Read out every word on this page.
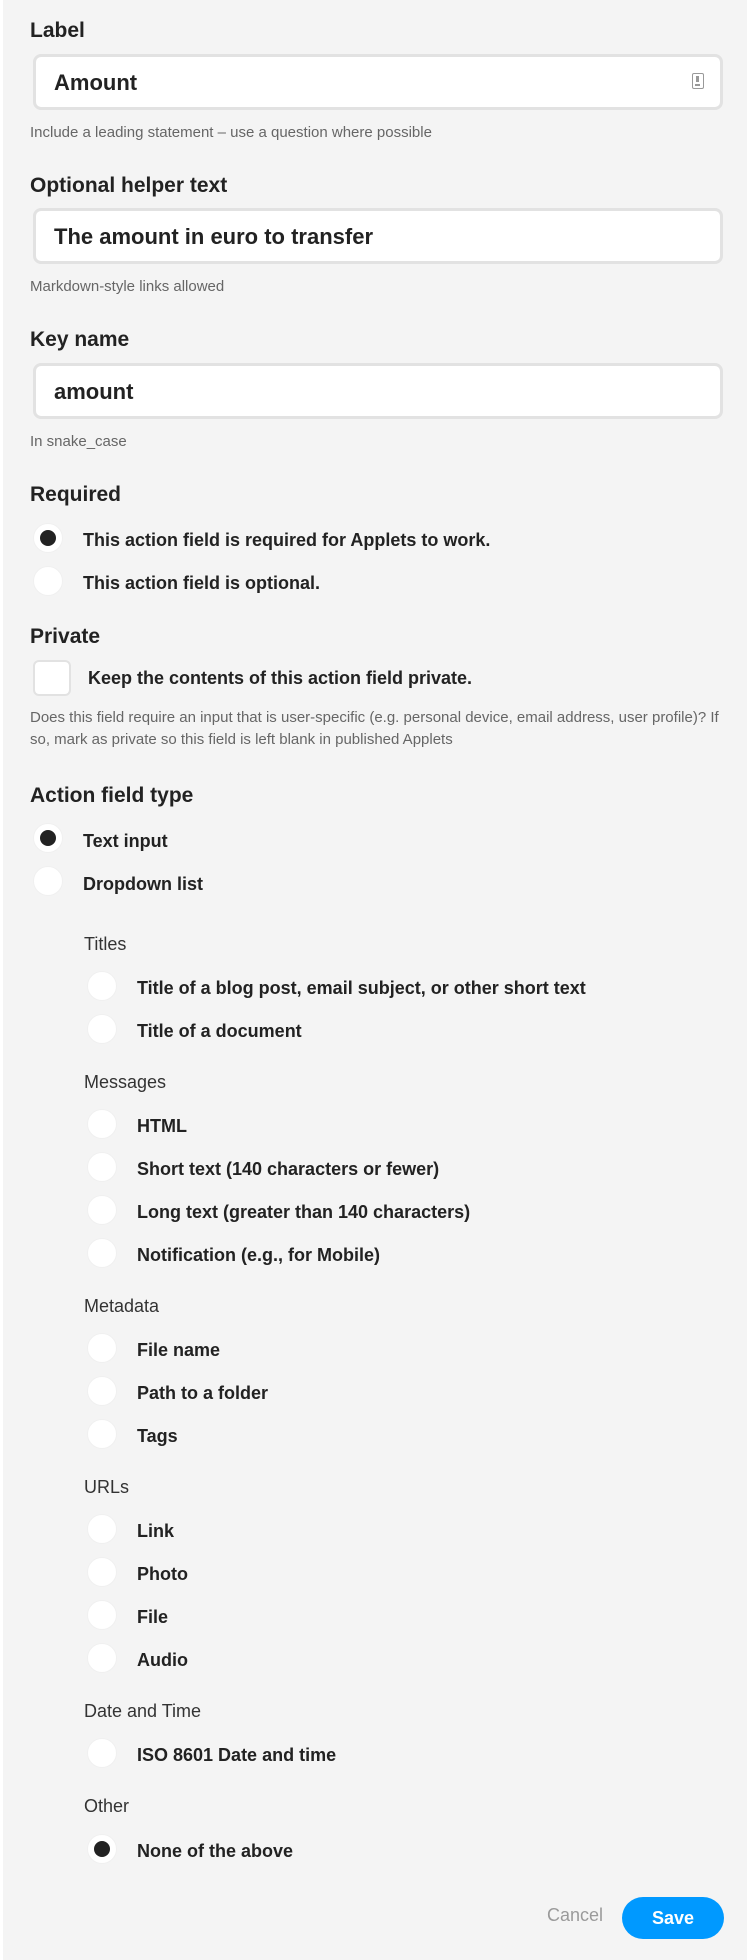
Label
Amount
Include a leading statement – use a question where possible
Optional helper text
The amount in euro to transfer
Markdown-style links allowed
Key name
amount
In snake_case
Required
This action field is required for Applets to work.
This action field is optional.
Private
Keep the contents of this action field private.
Does this field require an input that is user-specific (e.g. personal device, email address, user profile)? If so, mark as private so this field is left blank in published Applets
Action field type
Text input
Dropdown list
Titles
Title of a blog post, email subject, or other short text
Title of a document
Messages
HTML
Short text (140 characters or fewer)
Long text (greater than 140 characters)
Notification (e.g., for Mobile)
Metadata
File name
Path to a folder
Tags
URLs
Link
Photo
File
Audio
Date and Time
ISO 8601 Date and time
Other
None of the above
Cancel	Save
